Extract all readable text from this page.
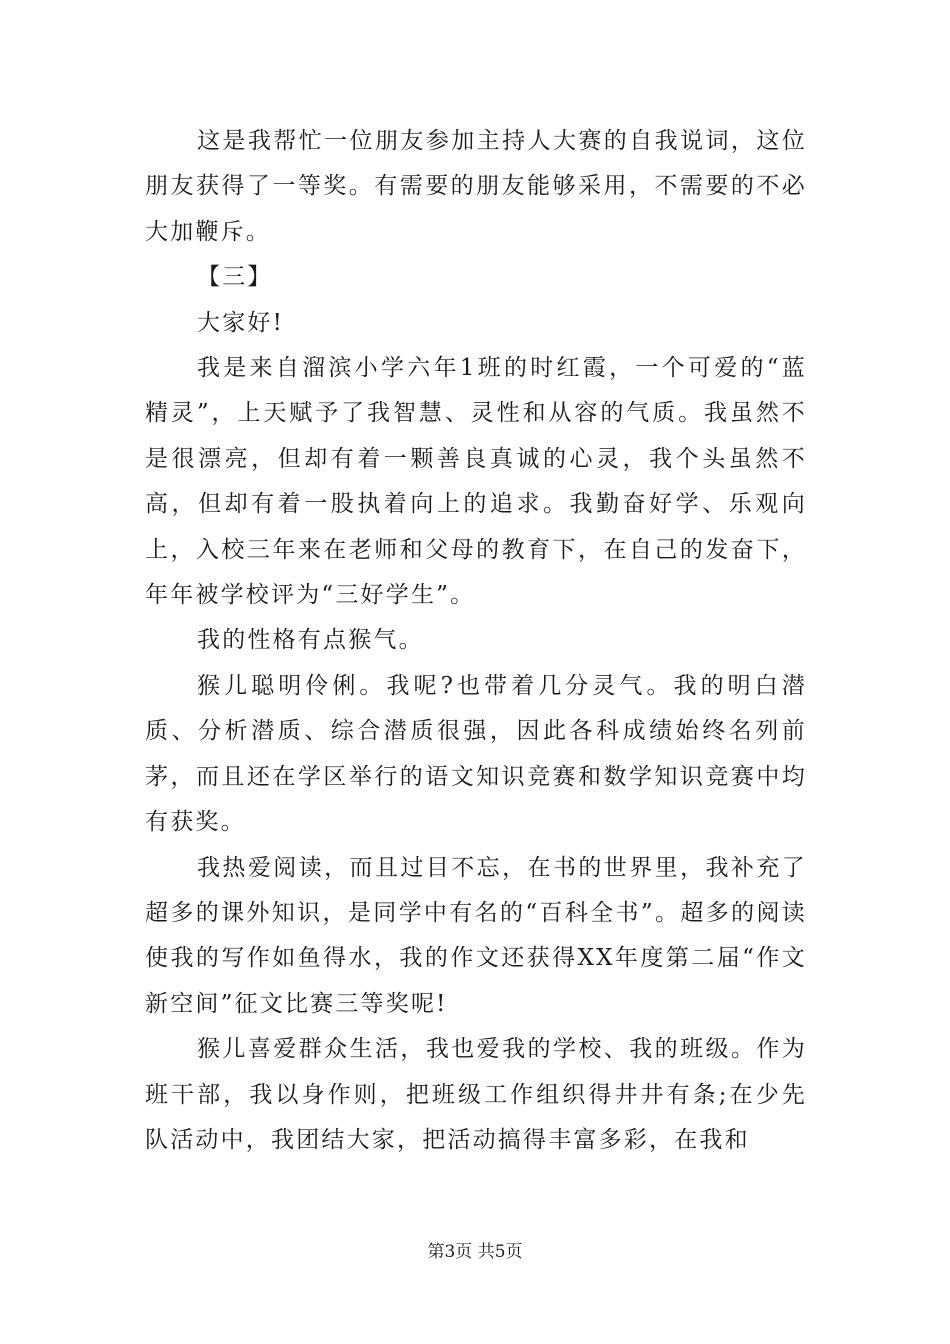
这是我帮忙一位朋友参加主持人大赛的自我说词，这位朋友获得了一等奖。有需要的朋友能够采用，不需要的不必大加鞭斥。

【三】

大家好!

我是来自溜滨小学六年1班的时红霞，一个可爱的“蓝精灵”，上天赋予了我智慧、灵性和从容的气质。我虽然不是很漂亮，但却有着一颗善良真诚的心灵，我个头虽然不高，但却有着一股执着向上的追求。我勤奋好学、乐观向上，入校三年来在老师和父母的教育下，在自己的发奋下，年年被学校评为“三好学生”。

我的性格有点猴气。

猴儿聪明伶俐。我呢?也带着几分灵气。我的明白潜质、分析潜质、综合潜质很强，因此各科成绩始终名列前茅，而且还在学区举行的语文知识竞赛和数学知识竞赛中均有获奖。

我热爱阅读，而且过目不忘，在书的世界里，我补充了超多的课外知识，是同学中有名的“百科全书”。超多的阅读使我的写作如鱼得水，我的作文还获得XX年度第二届“作文新空间”征文比赛三等奖呢!

猴儿喜爱群众生活，我也爱我的学校、我的班级。作为班干部，我以身作则，把班级工作组织得井井有条;在少先队活动中，我团结大家，把活动搞得丰富多彩，在我和

第3页 共5页
